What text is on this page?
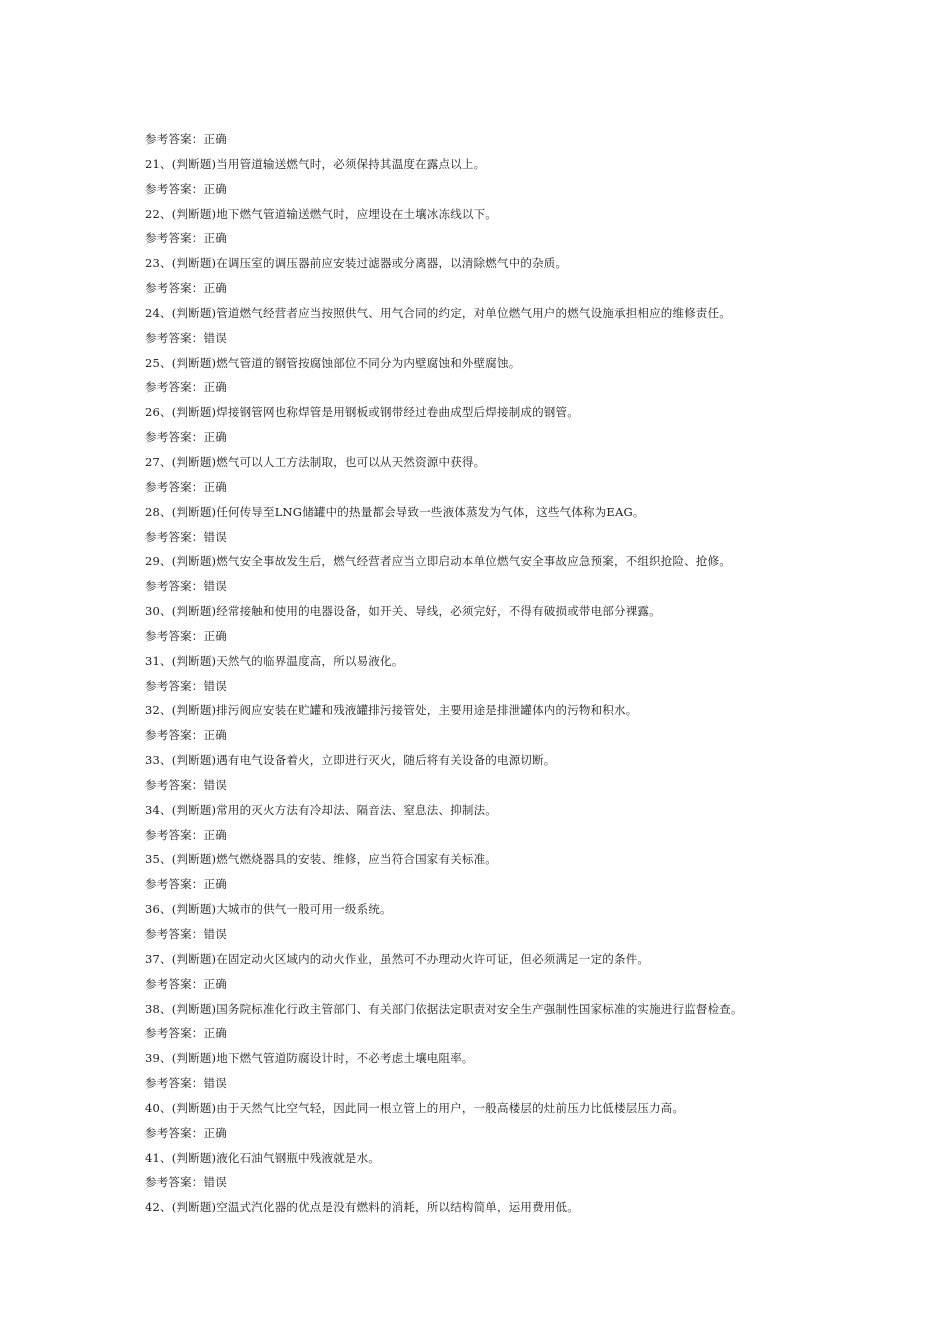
参考答案：正确
21、(判断题)当用管道输送燃气时，必须保持其温度在露点以上。
参考答案：正确
22、(判断题)地下燃气管道输送燃气时，应埋设在土壤冰冻线以下。
参考答案：正确
23、(判断题)在调压室的调压器前应安装过滤器或分离器，以清除燃气中的杂质。
参考答案：正确
24、(判断题)管道燃气经营者应当按照供气、用气合同的约定，对单位燃气用户的燃气设施承担相应的维修责任。
参考答案：错误
25、(判断题)燃气管道的钢管按腐蚀部位不同分为内壁腐蚀和外壁腐蚀。
参考答案：正确
26、(判断题)焊接钢管网也称焊管是用钢板或钢带经过卷曲成型后焊接制成的钢管。
参考答案：正确
27、(判断题)燃气可以人工方法制取，也可以从天然资源中获得。
参考答案：正确
28、(判断题)任何传导至LNG储罐中的热量都会导致一些液体蒸发为气体，这些气体称为EAG。
参考答案：错误
29、(判断题)燃气安全事故发生后，燃气经营者应当立即启动本单位燃气安全事故应急预案，不组织抢险、抢修。
参考答案：错误
30、(判断题)经常接触和使用的电器设备，如开关、导线，必须完好，不得有破损或带电部分裸露。
参考答案：正确
31、(判断题)天然气的临界温度高，所以易液化。
参考答案：错误
32、(判断题)排污阀应安装在贮罐和残液罐排污接管处，主要用途是排泄罐体内的污物和积水。
参考答案：正确
33、(判断题)遇有电气设备着火，立即进行灭火，随后将有关设备的电源切断。
参考答案：错误
34、(判断题)常用的灭火方法有冷却法、隔音法、窒息法、抑制法。
参考答案：正确
35、(判断题)燃气燃烧器具的安装、维修，应当符合国家有关标准。
参考答案：正确
36、(判断题)大城市的供气一般可用一级系统。
参考答案：错误
37、(判断题)在固定动火区域内的动火作业，虽然可不办理动火许可证，但必须满足一定的条件。
参考答案：正确
38、(判断题)国务院标准化行政主管部门、有关部门依据法定职责对安全生产强制性国家标准的实施进行监督检查。
参考答案：正确
39、(判断题)地下燃气管道防腐设计时，不必考虑土壤电阻率。
参考答案：错误
40、(判断题)由于天然气比空气轻，因此同一根立管上的用户，一般高楼层的灶前压力比低楼层压力高。
参考答案：正确
41、(判断题)液化石油气钢瓶中残液就是水。
参考答案：错误
42、(判断题)空温式汽化器的优点是没有燃料的消耗，所以结构简单，运用费用低。
